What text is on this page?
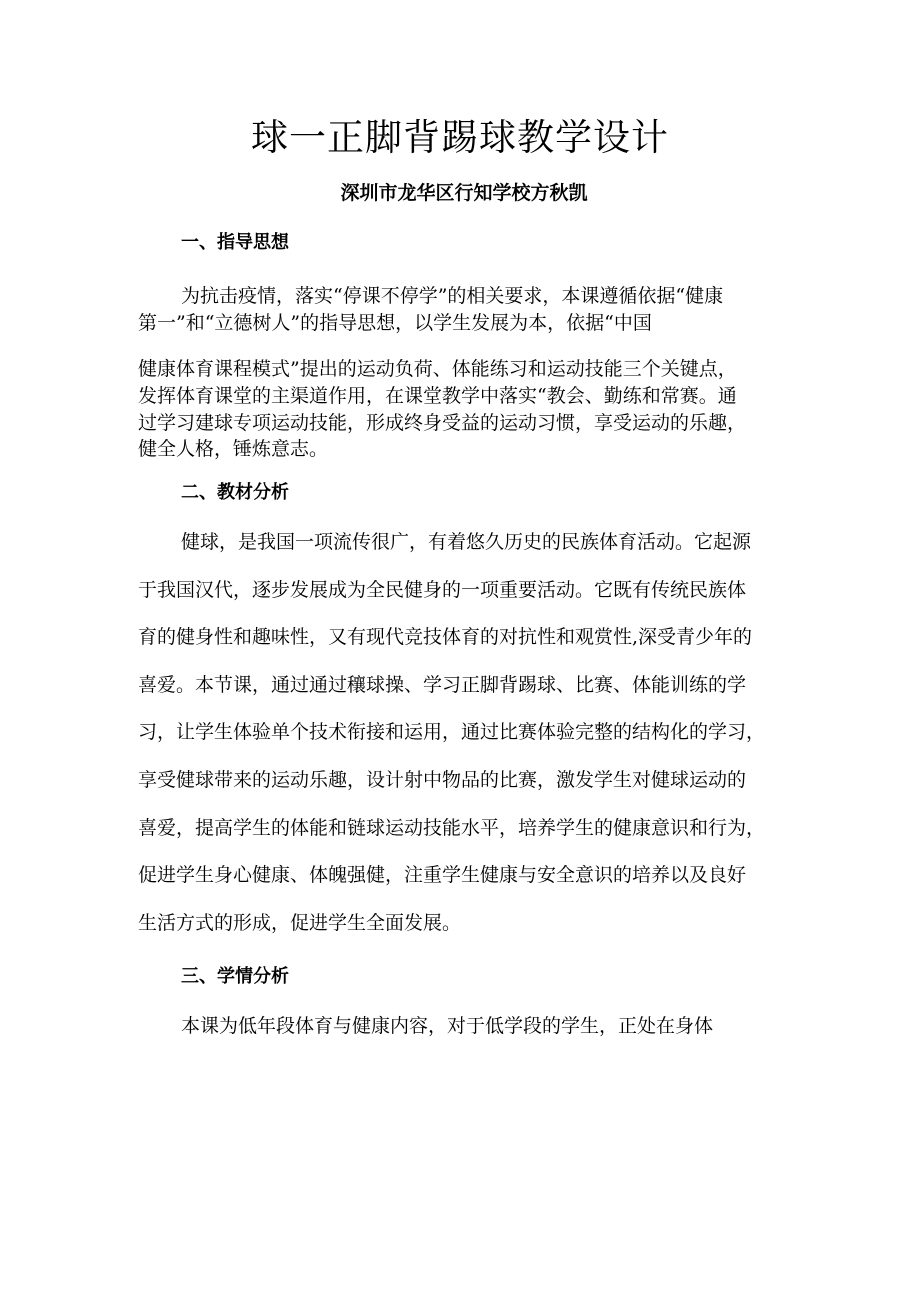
球一正脚背踢球教学设计
深圳市龙华区行知学校方秋凯
一、指导思想
为抗击疫情，落实“停课不停学”的相关要求，本课遵循依据“健康
第一”和“立德树人”的指导思想，以学生发展为本，依据“中国
健康体育课程模式”提出的运动负荷、体能练习和运动技能三个关键点，
发挥体育课堂的主渠道作用，在课堂教学中落实“教会、勤练和常赛。通
过学习建球专项运动技能，形成终身受益的运动习惯，享受运动的乐趣，
健全人格，锤炼意志。
二、教材分析
健球，是我国一项流传很广，有着悠久历史的民族体育活动。它起源
于我国汉代，逐步发展成为全民健身的一项重要活动。它既有传统民族体
育的健身性和趣味性，又有现代竞技体育的对抗性和观赏性,深受青少年的
喜爱。本节课，通过通过穰球操、学习正脚背踢球、比赛、体能训练的学
习，让学生体验单个技术衔接和运用，通过比赛体验完整的结构化的学习，
享受健球带来的运动乐趣，设计射中物品的比赛，激发学生对健球运动的
喜爱，提高学生的体能和链球运动技能水平，培养学生的健康意识和行为，
促进学生身心健康、体魄强健，注重学生健康与安全意识的培养以及良好
生活方式的形成，促进学生全面发展。
三、学情分析
本课为低年段体育与健康内容，对于低学段的学生，正处在身体
